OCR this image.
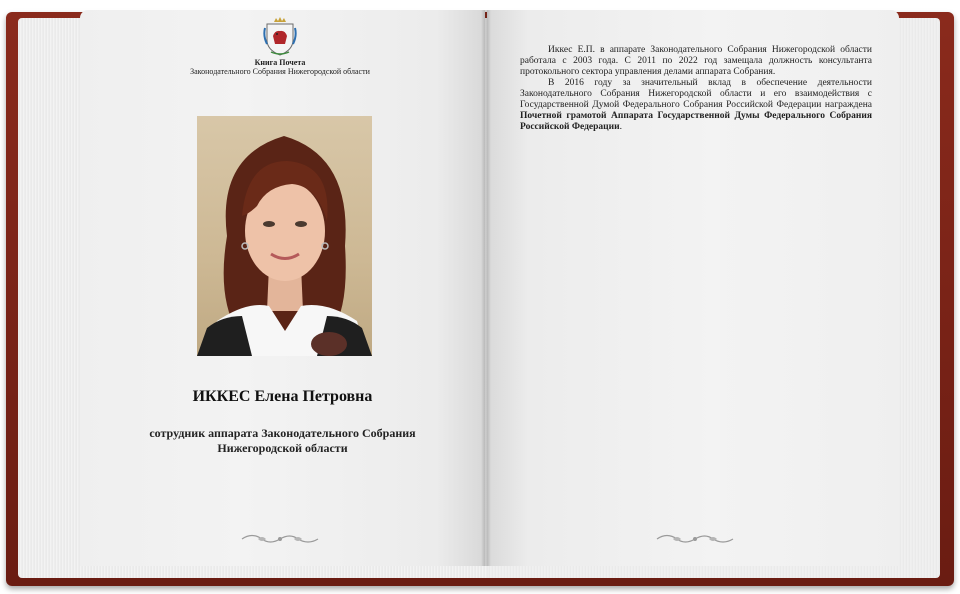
Книга Почета
Законодательного Собрания Нижегородской области
ИККЕС Елена Петровна
сотрудник аппарата Законодательного Собрания
Нижегородской области

Иккес Е.П. в аппарате Законодательного Собрания Нижегородской области работала с 2003 года. С 2011 по 2022 год замещала должность консультанта протокольного сектора управления делами аппарата Собрания.

В 2016 году за значительный вклад в обеспечение деятельности Законодательного Собрания Нижегородской области и его взаимодействия с Государственной Думой Федерального Собрания Российской Федерации награждена Почетной грамотой Аппарата Государственной Думы Федерального Собрания Российской Федерации.
